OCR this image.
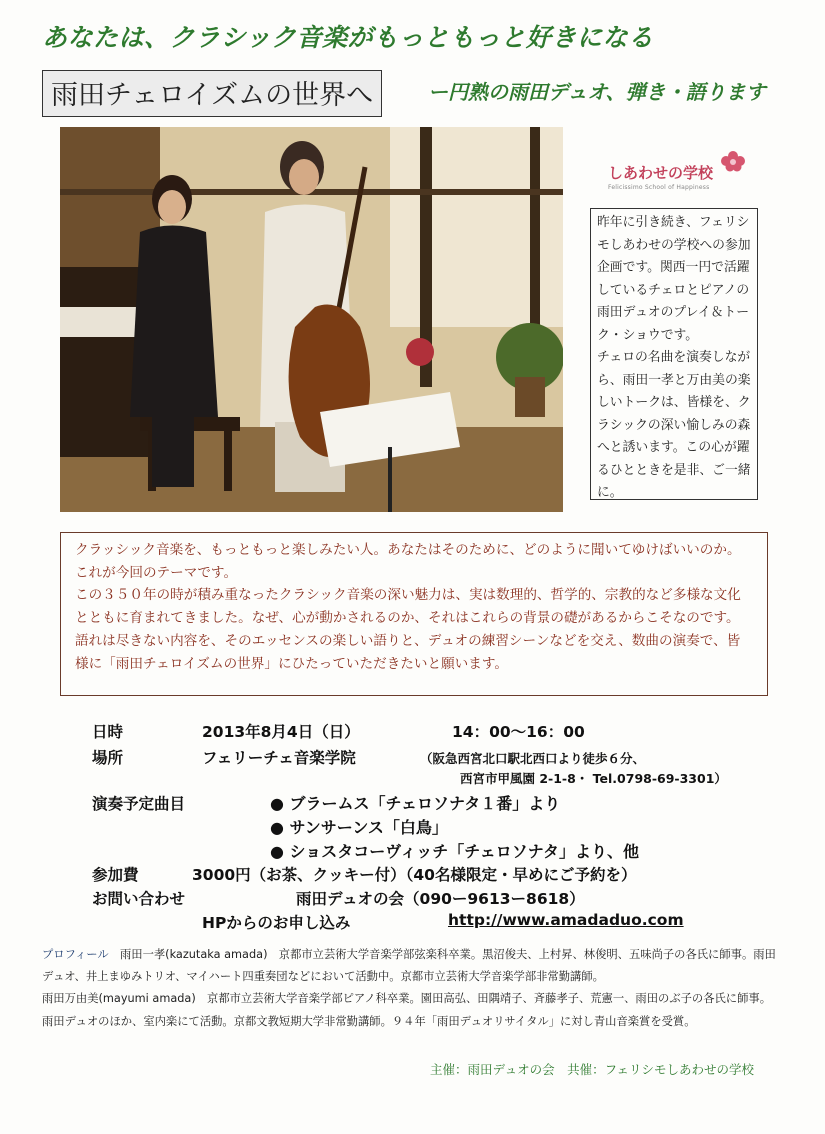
あなたは、クラシック音楽がもっともっと好きになる
雨田チェロイズムの世界へ	ー円熟の雨田デュオ、弾き・語ります
しあわせの学校
Felicissimo School of Happiness

昨年に引き続き、フェリシモしあわせの学校への参加企画です。関西一円で活躍しているチェロとピアノの雨田デュオのプレイ＆トーク・ショウです。

チェロの名曲を演奏しながら、雨田一孝と万由美の楽しいトークは、皆様を、クラシックの深い愉しみの森へと誘います。この心が躍るひとときを是非、ご一緒に。

クラッシック音楽を、もっともっと楽しみたい人。あなたはそのために、どのように聞いてゆけばいいのか。これが今回のテーマです。

この３５０年の時が積み重なったクラシック音楽の深い魅力は、実は数理的、哲学的、宗教的など多様な文化とともに育まれてきました。なぜ、心が動かされるのか、それはこれらの背景の礎があるからこそなのです。

語れは尽きない内容を、そのエッセンスの楽しい語りと、デュオの練習シーンなどを交え、数曲の演奏で、皆様に「雨田チェロイズムの世界」にひたっていただきたいと願います。

日時	2013年8月4日（日）	14：00〜16：00
場所	フェリーチェ音楽学院	（阪急西宮北口駅北西口より徒歩６分、
西宮市甲風園 2-1-8・ Tel.0798-69-3301）
演奏予定曲目	● ブラームス「チェロソナタ１番」より
● サンサーンス「白鳥」
● ショスタコーヴィッチ「チェロソナタ」より、他
参加費	3000円（お茶、クッキー付）（40名様限定・早めにご予約を）
お問い合わせ	雨田デュオの会（090ー9613ー8618）
HPからのお申し込み	http://www.amadaduo.com

プロフィール　 雨田一孝(kazutaka amada)　京都市立芸術大学音楽学部弦楽科卒業。黒沼俊夫、上村昇、林俊明、五味尚子の各氏に師事。雨田デュオ、井上まゆみトリオ、マイハート四重奏団などにおいて活動中。京都市立芸術大学音楽学部非常勤講師。

雨田万由美(mayumi amada)　京都市立芸術大学音楽学部ピアノ科卒業。園田高弘、田隅靖子、斉藤孝子、荒憲一、雨田のぶ子の各氏に師事。雨田デュオのほか、室内楽にて活動。京都文教短期大学非常勤講師。９４年「雨田デュオリサイタル」に対し青山音楽賞を受賞。

主催：雨田デュオの会　共催：フェリシモしあわせの学校
